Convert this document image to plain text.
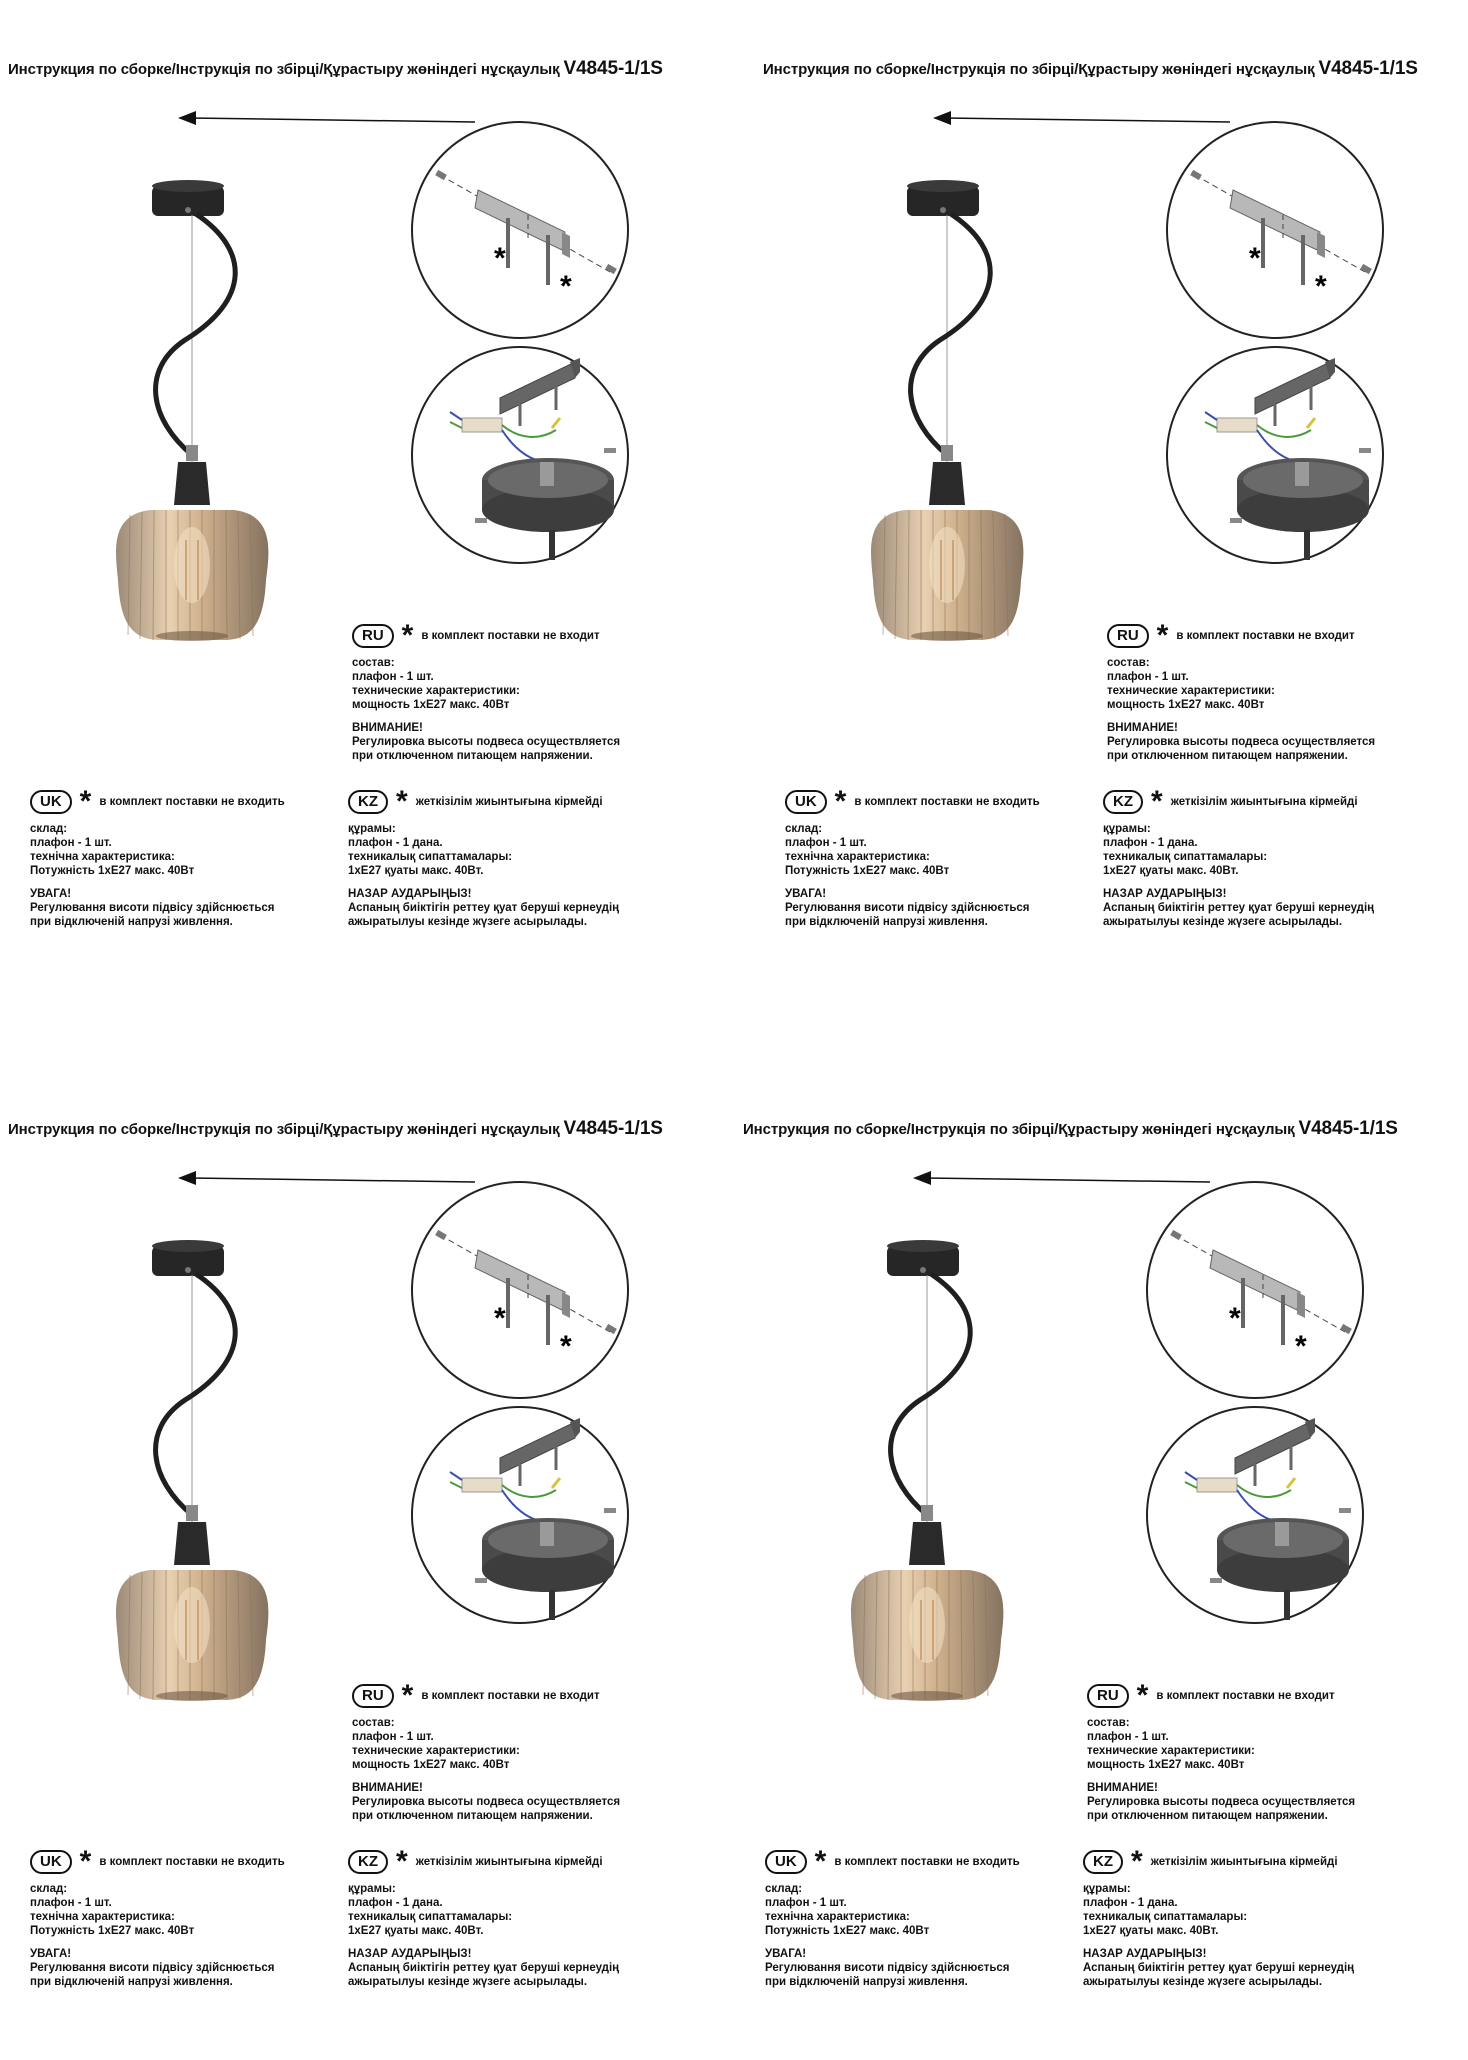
*
*
Инструкция по сборке/Інструкція по збірці/Құрастыру жөніндегі нұсқаулық V4845-1/1S
RU * в комплект поставки не входит
состав:
плафон - 1 шт.
технические характеристики:
мощность 1хЕ27 макс. 40Вт
ВНИМАНИЕ!
Регулировка высоты подвеса осуществляется
при отключенном питающем напряжении.
UK * в комплект поставки не входить
склад:
плафон - 1 шт.
технічна характеристика:
Потужність 1хЕ27 макс. 40Вт
УВАГА!
Регулювання висоти підвісу здійснюється
при відключеній напрузі живлення.
KZ * жеткізілім жиынтығына кірмейді
құрамы:
плафон - 1 дана.
техникалық сипаттамалары:
1хЕ27 қуаты макс. 40Вт.
НАЗАР АУДАРЫҢЫЗ!
Аспаның биіктігін реттеу қуат беруші кернеудің
ажыратылуы кезінде жүзеге асырылады.
*
*
Инструкция по сборке/Інструкція по збірці/Құрастыру жөніндегі нұсқаулық V4845-1/1S
RU * в комплект поставки не входит
состав:
плафон - 1 шт.
технические характеристики:
мощность 1хЕ27 макс. 40Вт
ВНИМАНИЕ!
Регулировка высоты подвеса осуществляется
при отключенном питающем напряжении.
UK * в комплект поставки не входить
склад:
плафон - 1 шт.
технічна характеристика:
Потужність 1хЕ27 макс. 40Вт
УВАГА!
Регулювання висоти підвісу здійснюється
при відключеній напрузі живлення.
KZ * жеткізілім жиынтығына кірмейді
құрамы:
плафон - 1 дана.
техникалық сипаттамалары:
1хЕ27 қуаты макс. 40Вт.
НАЗАР АУДАРЫҢЫЗ!
Аспаның биіктігін реттеу қуат беруші кернеудің
ажыратылуы кезінде жүзеге асырылады.
*
*
Инструкция по сборке/Інструкція по збірці/Құрастыру жөніндегі нұсқаулық V4845-1/1S
RU * в комплект поставки не входит
состав:
плафон - 1 шт.
технические характеристики:
мощность 1хЕ27 макс. 40Вт
ВНИМАНИЕ!
Регулировка высоты подвеса осуществляется
при отключенном питающем напряжении.
UK * в комплект поставки не входить
склад:
плафон - 1 шт.
технічна характеристика:
Потужність 1хЕ27 макс. 40Вт
УВАГА!
Регулювання висоти підвісу здійснюється
при відключеній напрузі живлення.
KZ * жеткізілім жиынтығына кірмейді
құрамы:
плафон - 1 дана.
техникалық сипаттамалары:
1хЕ27 қуаты макс. 40Вт.
НАЗАР АУДАРЫҢЫЗ!
Аспаның биіктігін реттеу қуат беруші кернеудің
ажыратылуы кезінде жүзеге асырылады.
*
*
Инструкция по сборке/Інструкція по збірці/Құрастыру жөніндегі нұсқаулық V4845-1/1S
RU * в комплект поставки не входит
состав:
плафон - 1 шт.
технические характеристики:
мощность 1хЕ27 макс. 40Вт
ВНИМАНИЕ!
Регулировка высоты подвеса осуществляется
при отключенном питающем напряжении.
UK * в комплект поставки не входить
склад:
плафон - 1 шт.
технічна характеристика:
Потужність 1хЕ27 макс. 40Вт
УВАГА!
Регулювання висоти підвісу здійснюється
при відключеній напрузі живлення.
KZ * жеткізілім жиынтығына кірмейді
құрамы:
плафон - 1 дана.
техникалық сипаттамалары:
1хЕ27 қуаты макс. 40Вт.
НАЗАР АУДАРЫҢЫЗ!
Аспаның биіктігін реттеу қуат беруші кернеудің
ажыратылуы кезінде жүзеге асырылады.
